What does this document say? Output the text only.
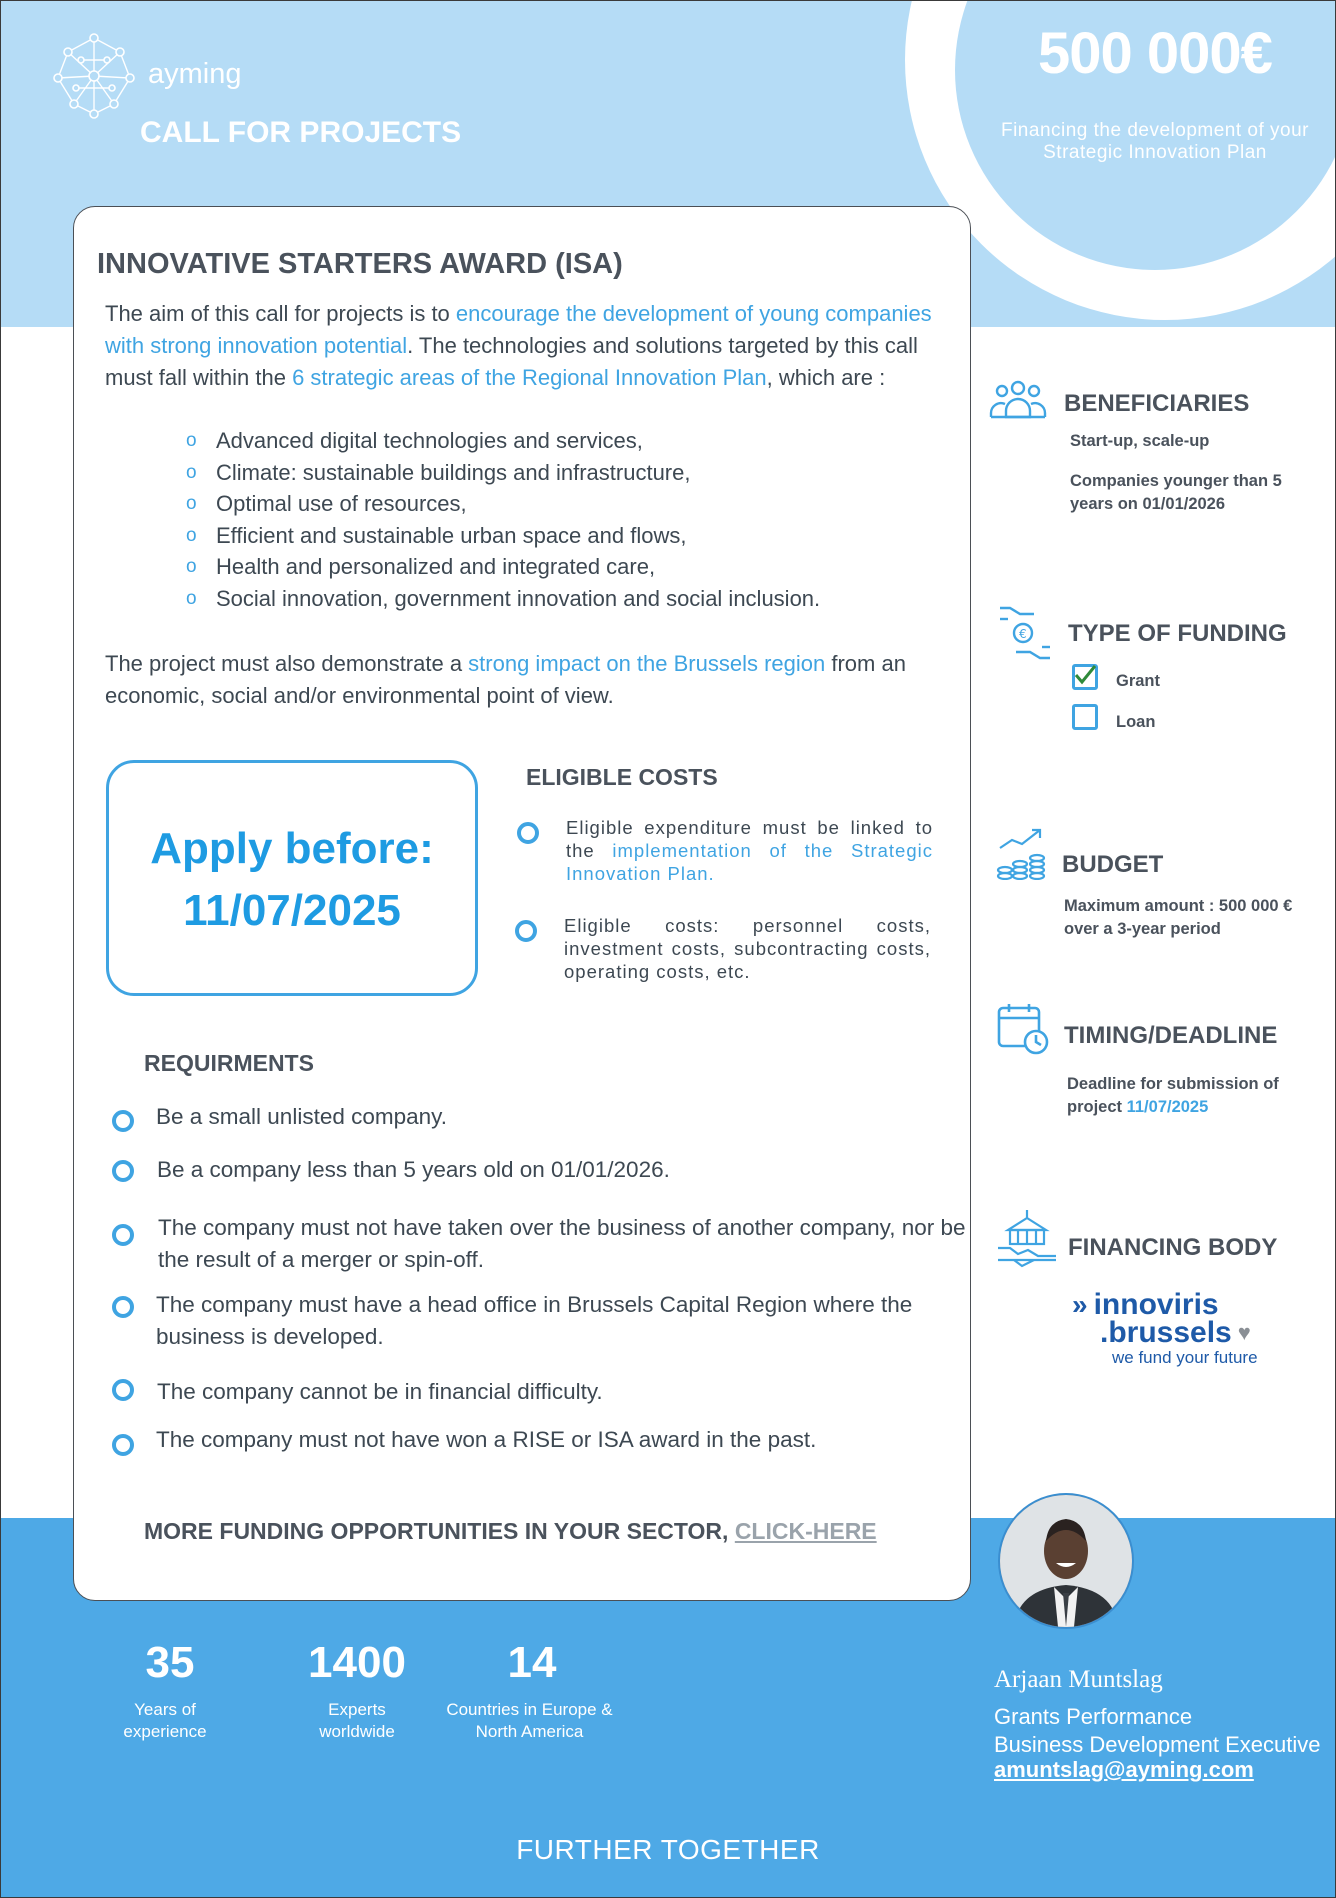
500 000€
Financing the development of your Strategic Innovation Plan
ayming
CALL FOR PROJECTS
INNOVATIVE STARTERS AWARD (ISA)
The aim of this call for projects is to encourage the development of young companies with strong innovation potential. The technologies and solutions targeted by this call must fall within the 6 strategic areas of the Regional Innovation Plan, which are :
o Advanced digital technologies and services,
o Climate: sustainable buildings and infrastructure,
o Optimal use of resources,
o Efficient and sustainable urban space and flows,
o Health and personalized and integrated care,
o Social innovation, government innovation and social inclusion.
The project must also demonstrate a strong impact on the Brussels region from an economic, social and/or environmental point of view.
Apply before:
11/07/2025
ELIGIBLE COSTS
Eligible expenditure must be linked to the implementation of the Strategic Innovation Plan.
Eligible costs: personnel costs, investment costs, subcontracting costs, operating costs, etc.
REQUIRMENTS
Be a small unlisted company.
Be a company less than 5 years old on 01/01/2026.
The company must not have taken over the business of another company, nor be the result of a merger or spin-off.
The company must have a head office in Brussels Capital Region where the business is developed.
The company cannot be in financial difficulty.
The company must not have won a RISE or ISA award in the past.
MORE FUNDING OPPORTUNITIES IN YOUR SECTOR, CLICK-HERE
BENEFICIARIES
Start-up, scale-up
Companies younger than 5 years on 01/01/2026
€ TYPE OF FUNDING
Grant
Loan
BUDGET
Maximum amount : 500 000 € over a 3-year period
TIMING/DEADLINE
Deadline for submission of project 11/07/2025
FINANCING BODY
» innoviris
.brussels ♥
we fund your future
35
Years of experience
1400
Experts worldwide
14
Countries in Europe & North America
Arjaan Muntslag
Grants Performance
Business Development Executive
amuntslag@ayming.com
FURTHER TOGETHER
